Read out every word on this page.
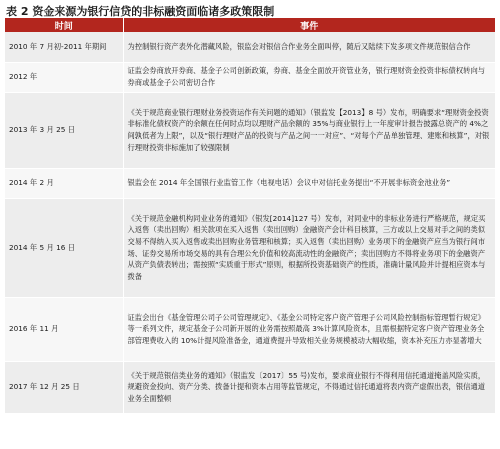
表 2 资金来源为银行信贷的非标融资面临诸多政策限制
时间	事件
2010 年 7 月初-2011 年期间	为控制银行资产表外化潜藏风险，银监会对银信合作业务全面叫停，随后又陆续下发多项文件规范银信合作
2012 年	证监会券商放开券商、基金子公司创新政策，券商、基金全面放开资管业务，银行理财资金投资非标债权转向与券商或基金子公司密切合作
2013 年 3 月 25 日	《关于规范商业银行理财业务投资运作有关问题的通知》（银监发【2013】8 号）发布，明确要求“理财资金投资非标准化债权资产的余额在任何时点均以理财产品余额的 35%与商业银行上一年度审计报告披露总资产的 4%之间孰低者为上限”，以及“银行理财产品的投资与产品之间一一对应”、“对每个产品单独管理、建账和核算”，对银行理财投资非标施加了较强限制
2014 年 2 月	银监会在 2014 年全国银行业监管工作（电视电话）会议中对信托业务提出“不开展非标资金池业务”
2014 年 5 月 16 日	《关于规范金融机构同业业务的通知》（银发[2014]127 号）发布，对同业中的非标业务进行严格规范，规定买入返售（卖出回购）相关款项在买入返售（卖出回购）金融资产会计科目核算，三方或以上交易对手之间的类似交易不得纳入买入返售或卖出回购业务管理和核算；买入返售（卖出回购）业务项下的金融资产应当为银行间市场、证券交易所市场交易的具有合理公允价值和较高流动性的金融资产；卖出回购方不得将业务项下的金融资产从资产负债表转出；需按照“实质重于形式”原则，根据所投资基础资产的性质，准确计量风险并计提相应资本与拨备
2016 年 11 月	证监会出台《基金管理公司子公司管理规定》、《基金公司特定客户资产管理子公司风险控制指标管理暂行规定》等一系列文件，规定基金子公司新开展的业务需按照最高 3%计算风险资本，且需根据特定客户资产管理业务全部管理费收入的 10%计提风险准备金，通道费提升导致相关业务规模被动大幅收缩，资本补充压力亦显著增大
2017 年 12 月 25 日	《关于规范银信类业务的通知》（银监发〔2017〕55 号)发布，要求商业银行不得利用信托通道掩盖风险实质，规避资金投向、资产分类、拨备计提和资本占用等监管规定，不得通过信托通道将表内资产虚假出表，银信通道业务全面整顿
